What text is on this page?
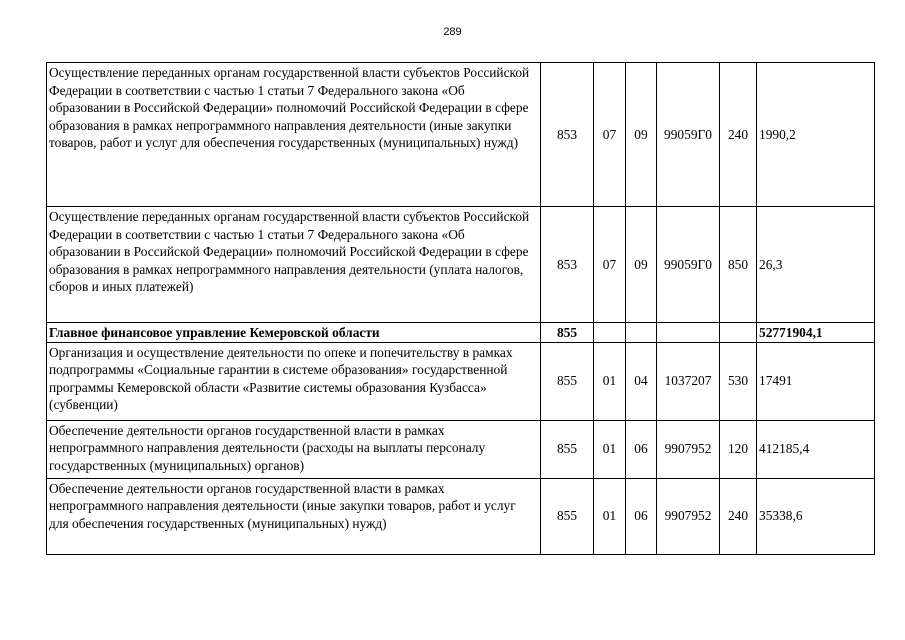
289
Осуществление переданных органам государственной власти субъектов Российской Федерации в соответствии с частью 1 статьи 7 Федерального закона «Об образовании в Российской Федерации» полномочий Российской Федерации в сфере образования в рамках непрограммного направления деятельности (иные закупки товаров, работ и услуг для обеспечения государственных (муниципальных) нужд)	853	07	09	99059Г0	240	1990,2
Осуществление переданных органам государственной власти субъектов Российской Федерации в соответствии с частью 1 статьи 7 Федерального закона «Об образовании в Российской Федерации» полномочий Российской Федерации в сфере образования в рамках непрограммного направления деятельности (уплата налогов, сборов и иных платежей)	853	07	09	99059Г0	850	26,3
Главное финансовое управление Кемеровской области	855					52771904,1
Организация и осуществление деятельности по опеке и попечительству в рамках подпрограммы «Социальные гарантии в системе образования» государственной программы Кемеровской области «Развитие системы образования Кузбасса» (субвенции)	855	01	04	1037207	530	17491
Обеспечение деятельности органов государственной власти в рамках непрограммного направления деятельности (расходы на выплаты персоналу государственных (муниципальных) органов)	855	01	06	9907952	120	412185,4
Обеспечение деятельности органов государственной власти в рамках непрограммного направления деятельности (иные закупки товаров, работ и услуг для обеспечения государственных (муниципальных) нужд)	855	01	06	9907952	240	35338,6
